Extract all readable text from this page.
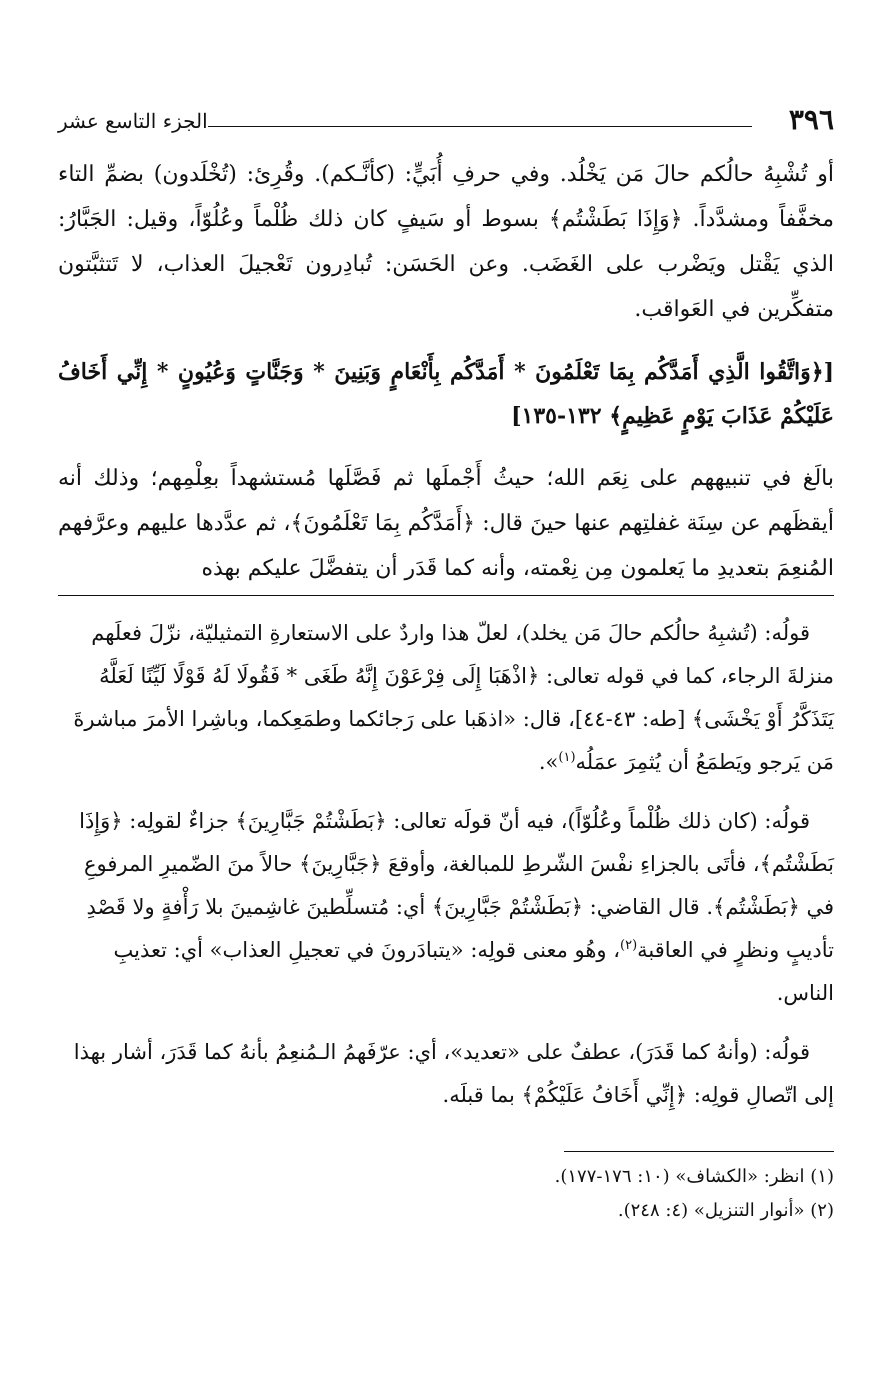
٣٩٦
الجزء التاسع عشر

أو تُشْبِهُ حالُكم حالَ مَن يَخْلُد. وفي حرفِ أُبَيٍّ: (كأنَّـكم). وقُرِئ: (تُخْلَدون) بضمِّ التاء مخفَّفاً ومشدَّداً. ﴿وَإِذَا بَطَشْتُم﴾ بسوط أو سَيفٍ كان ذلك ظُلْماً وعُلُوّاً، وقيل: الجَبَّارُ: الذي يَقْتل ويَضْرب على الغَضَب. وعن الحَسَن: تُبادِرون تَعْجيلَ العذاب، لا تَتثبَّتون متفكِّرين في العَواقب.

[﴿وَاتَّقُوا الَّذِي أَمَدَّكُم بِمَا تَعْلَمُونَ * أَمَدَّكُم بِأَنْعَامٍ وَبَنِينَ * وَجَنَّاتٍ وَعُيُونٍ * إِنِّي أَخَافُ عَلَيْكُمْ عَذَابَ يَوْمٍ عَظِيمٍ﴾ ١٣٢-١٣٥]

بالَغ في تنبيههم على نِعَم الله؛ حيثُ أَجْملَها ثم فَصَّلَها مُستشهداً بعِلْمِهم؛ وذلك أنه أيقظَهم عن سِنَة غفلتِهم عنها حينَ قال: ﴿أَمَدَّكُم بِمَا تَعْلَمُونَ﴾، ثم عدَّدها عليهم وعرَّفهم المُنعِمَ بتعديدِ ما يَعلمون مِن نِعْمته، وأنه كما قَدَر أن يتفضَّلَ عليكم بهذه

قولُه: (تُشبِهُ حالُكم حالَ مَن يخلد)، لعلّ هذا واردٌ على الاستعارةِ التمثيليّة، نزّلَ فعلَهم منزلةَ الرجاء، كما في قوله تعالى: ﴿اذْهَبَا إِلَى فِرْعَوْنَ إِنَّهُ طَغَى * فَقُولَا لَهُ قَوْلًا لَيِّنًا لَعَلَّهُ يَتَذَكَّرُ أَوْ يَخْشَى﴾ [طه: ٤٣-٤٤]، قال: «اذهَبا على رَجائكما وطمَعِكما، وباشِرا الأمرَ مباشرةَ مَن يَرجو ويَطمَعُ أن يُثمِرَ عمَلُه$^{(١)}$».

قولُه: (كان ذلك ظُلْماً وعُلُوّاً)، فيه أنّ قولَه تعالى: ﴿بَطَشْتُمْ جَبَّارِينَ﴾ جزاءٌ لقولِه: ﴿وَإِذَا بَطَشْتُم﴾، فأتَى بالجزاءِ نفْسَ الشّرطِ للمبالغة، وأوقعَ ﴿جَبَّارِينَ﴾ حالاً منَ الضّميرِ المرفوعِ في ﴿بَطَشْتُم﴾. قال القاضي: ﴿بَطَشْتُمْ جَبَّارِينَ﴾ أي: مُتسلِّطينَ غاشِمينَ بلا رَأْفةٍ ولا قَصْدِ تأديبٍ ونظرٍ في العاقبة$^{(٢)}$، وهُو معنى قولِه: «يتبادَرونَ في تعجيلِ العذاب» أي: تعذيبِ الناس.

قولُه: (وأنهُ كما قَدَرَ)، عطفٌ على «تعديد»، أي: عرّفَهمُ الـمُنعِمُ بأنهُ كما قَدَرَ، أشار بهذا إلى اتّصالِ قولِه: ﴿إِنِّي أَخَافُ عَلَيْكُمْ﴾ بما قبلَه.

(١) انظر: «الكشاف» (١٠: ١٧٦-١٧٧).

(٢) «أنوار التنزيل» (٤: ٢٤٨).
